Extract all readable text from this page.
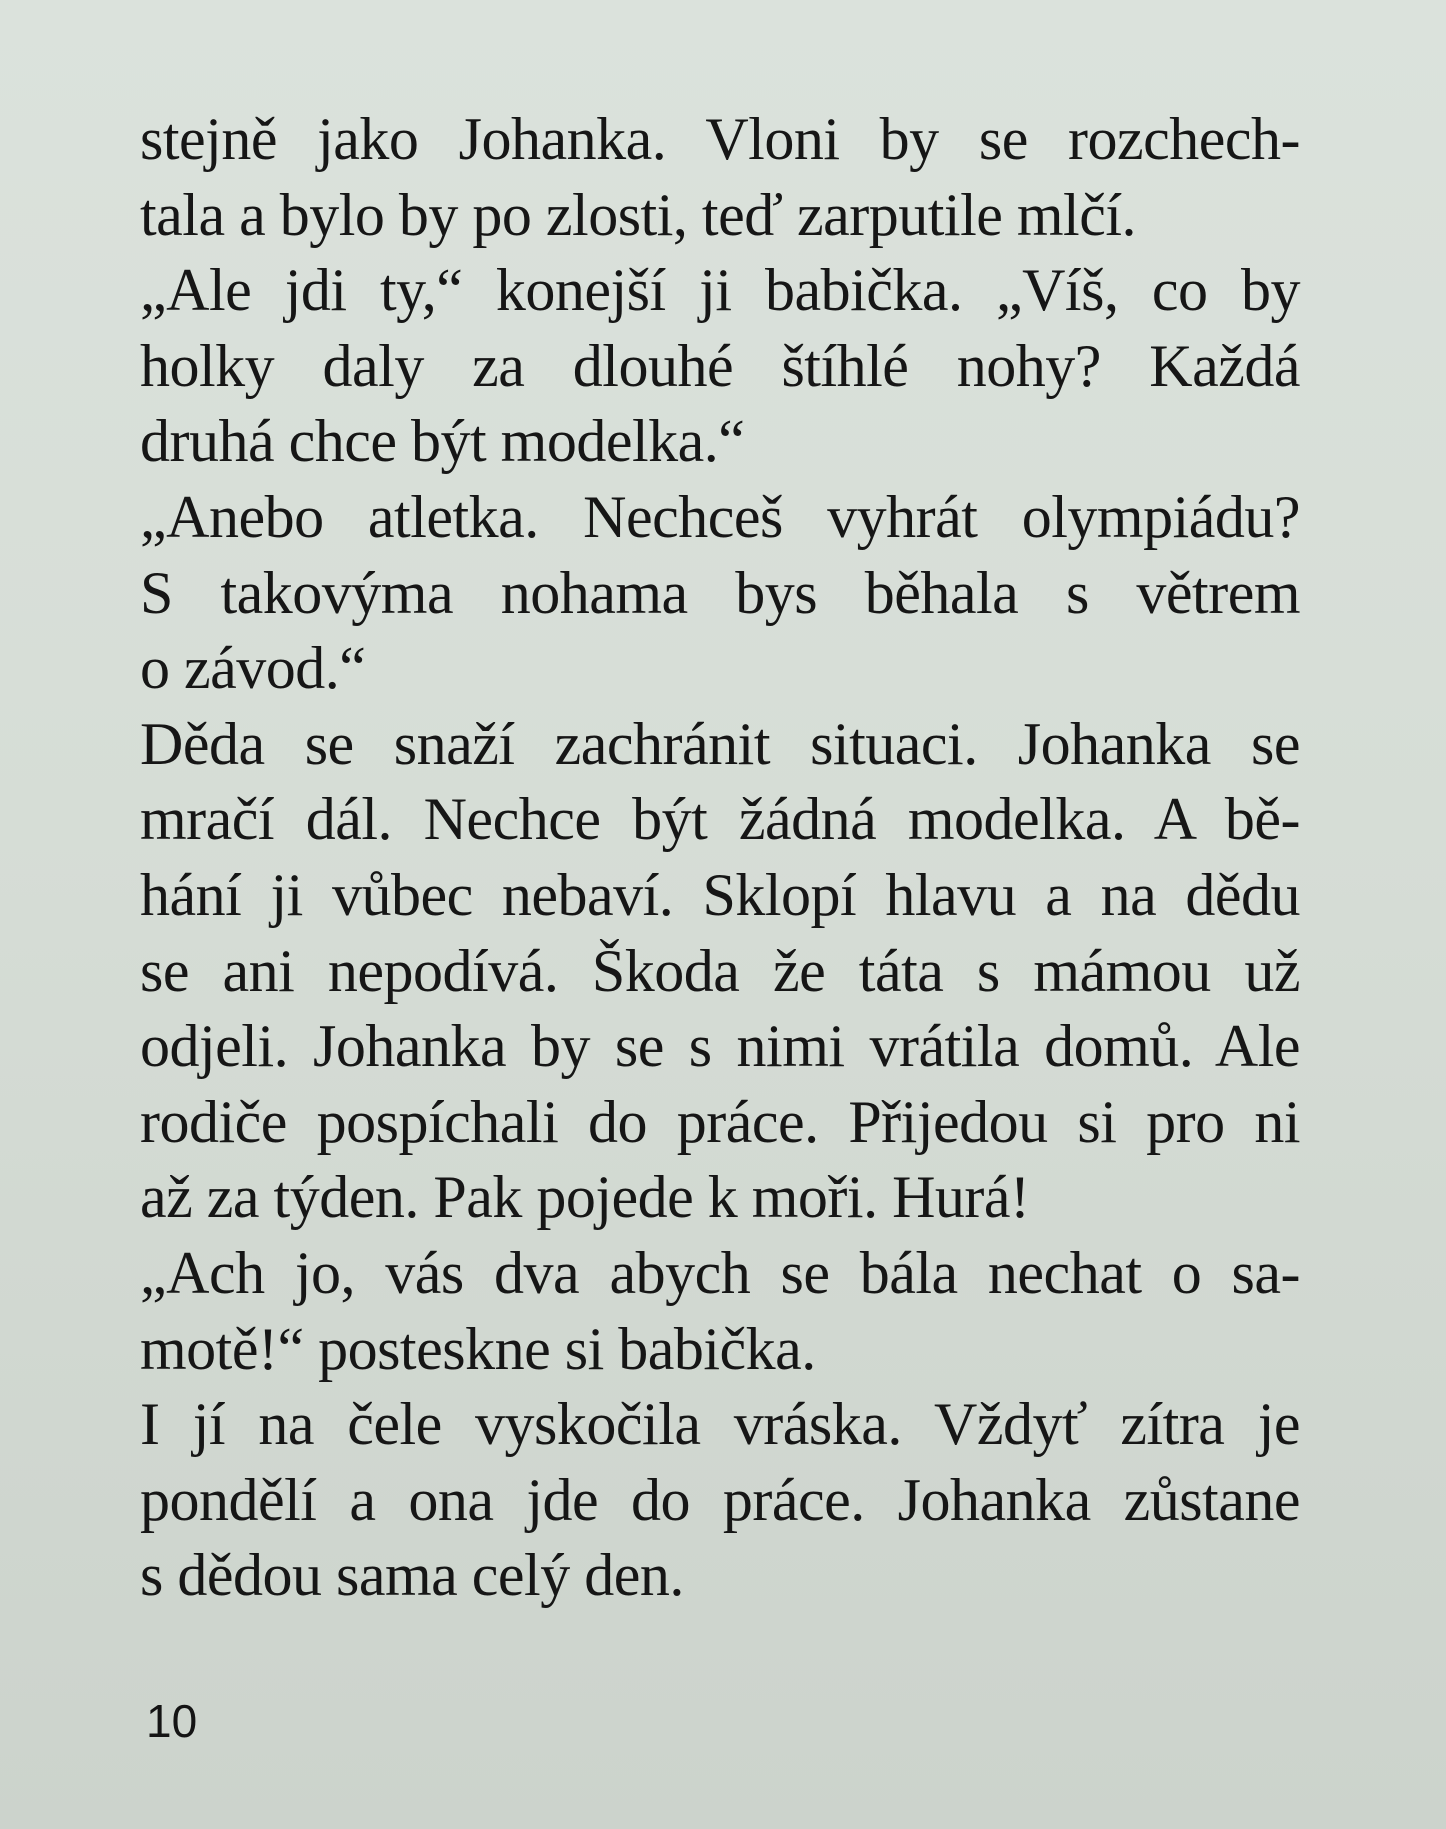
stejně jako Johanka. Vloni by se rozchech-
tala a bylo by po zlosti, teď zarputile mlčí.
„Ale jdi ty,“ konejší ji babička. „Víš, co by
holky daly za dlouhé štíhlé nohy? Každá
druhá chce být modelka.“
„Anebo atletka. Nechceš vyhrát olympiádu?
S takovýma nohama bys běhala s větrem
o závod.“
Děda se snaží zachránit situaci. Johanka se
mračí dál. Nechce být žádná modelka. A bě-
hání ji vůbec nebaví. Sklopí hlavu a na dědu
se ani nepodívá. Škoda že táta s mámou už
odjeli. Johanka by se s nimi vrátila domů. Ale
rodiče pospíchali do práce. Přijedou si pro ni
až za týden. Pak pojede k moři. Hurá!
„Ach jo, vás dva abych se bála nechat o sa-
motě!“ posteskne si babička.
I jí na čele vyskočila vráska. Vždyť zítra je
pondělí a ona jde do práce. Johanka zůstane
s dědou sama celý den.
10
